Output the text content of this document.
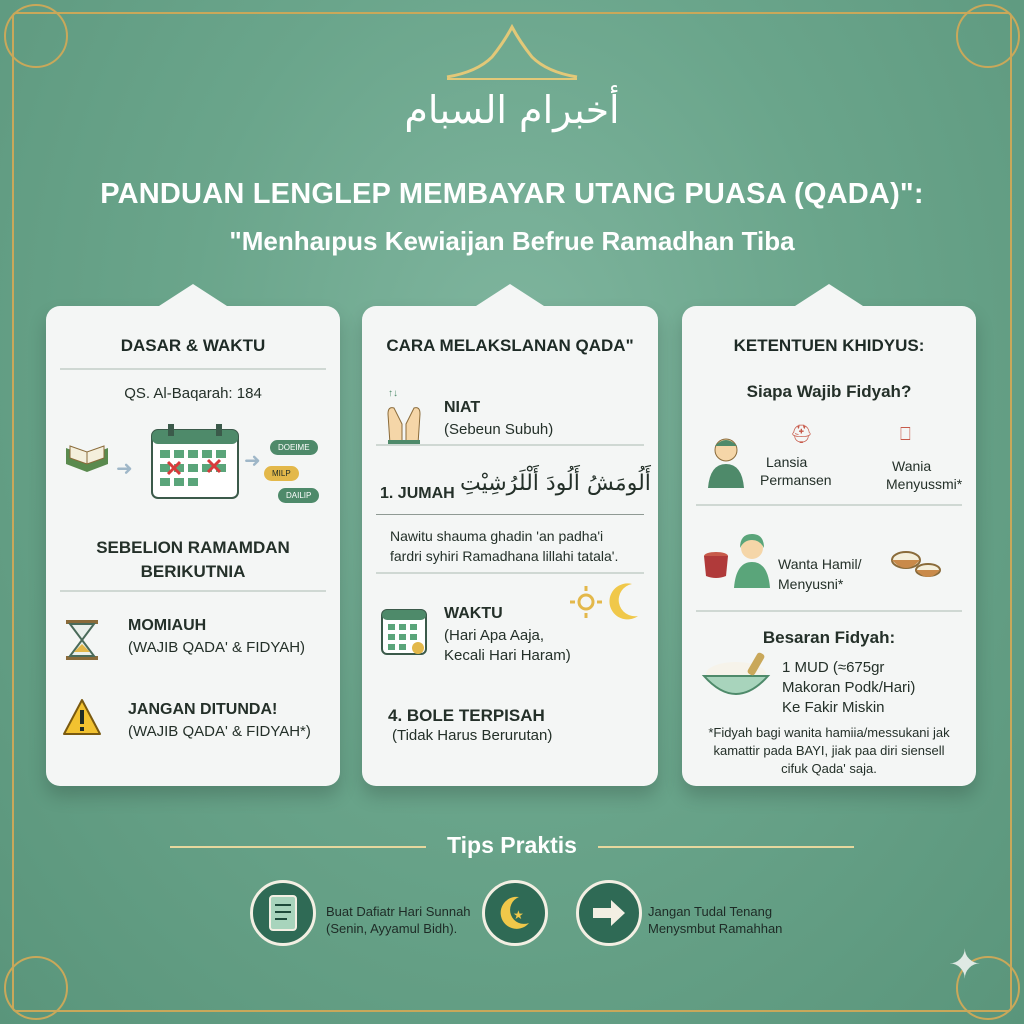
أخبرام السبام
PANDUAN LENGLEP MEMBAYAR UTANG PUASA (QADA)":
"Menhaıpus Kewiaijan Befrue Ramadhan Tiba
DASAR & WAKTU
QS. Al-Baqarah: 184
➜	➜
DOEIME
MILP
DAILIP
SEBELION RAMAMDAN
BERIKUTNIA
MOMIAUH
(WAJIB QADA' & FIDYAH)
JANGAN DITUNDA!
(WAJIB QADA' & FIDYAH*)
CARA MELAKSLANAN QADA"
↑↓
NIAT
(Sebeun Subuh)
1. JUMAH أَلُومَشُ أَلُودَ أَلْلَرُشِيْتِ
Nawitu shauma ghadin 'an padha'i
fardri syhiri Ramadhana lillahi tatala'.
WAKTU
(Hari Apa Aaja,
Kecali Hari Haram)
4. BOLE TERPISAH
(Tidak Harus Berurutan)
KETENTUEN KHIDYUS:
Siapa Wajib Fidyah?
Lansia
Permansen
⛑	⎕
Wania
Menyussmi*
Wanta Hamil/
Menyusni*
Besaran Fidyah:
1 MUD (≈675gr
Makoran Podk/Hari)
Ke Fakir Miskin
*Fidyah bagi wanita hamiia/messukani jak
kamattir pada BAYI, jiak paa diri siensell
cifuk Qada' saja.
Tips Praktis
Buat Dafiatr Hari Sunnah
(Senin, Ayyamul Bidh).
★	Jangan Tudal Tenang
Menysmbut Ramahhan
✦
